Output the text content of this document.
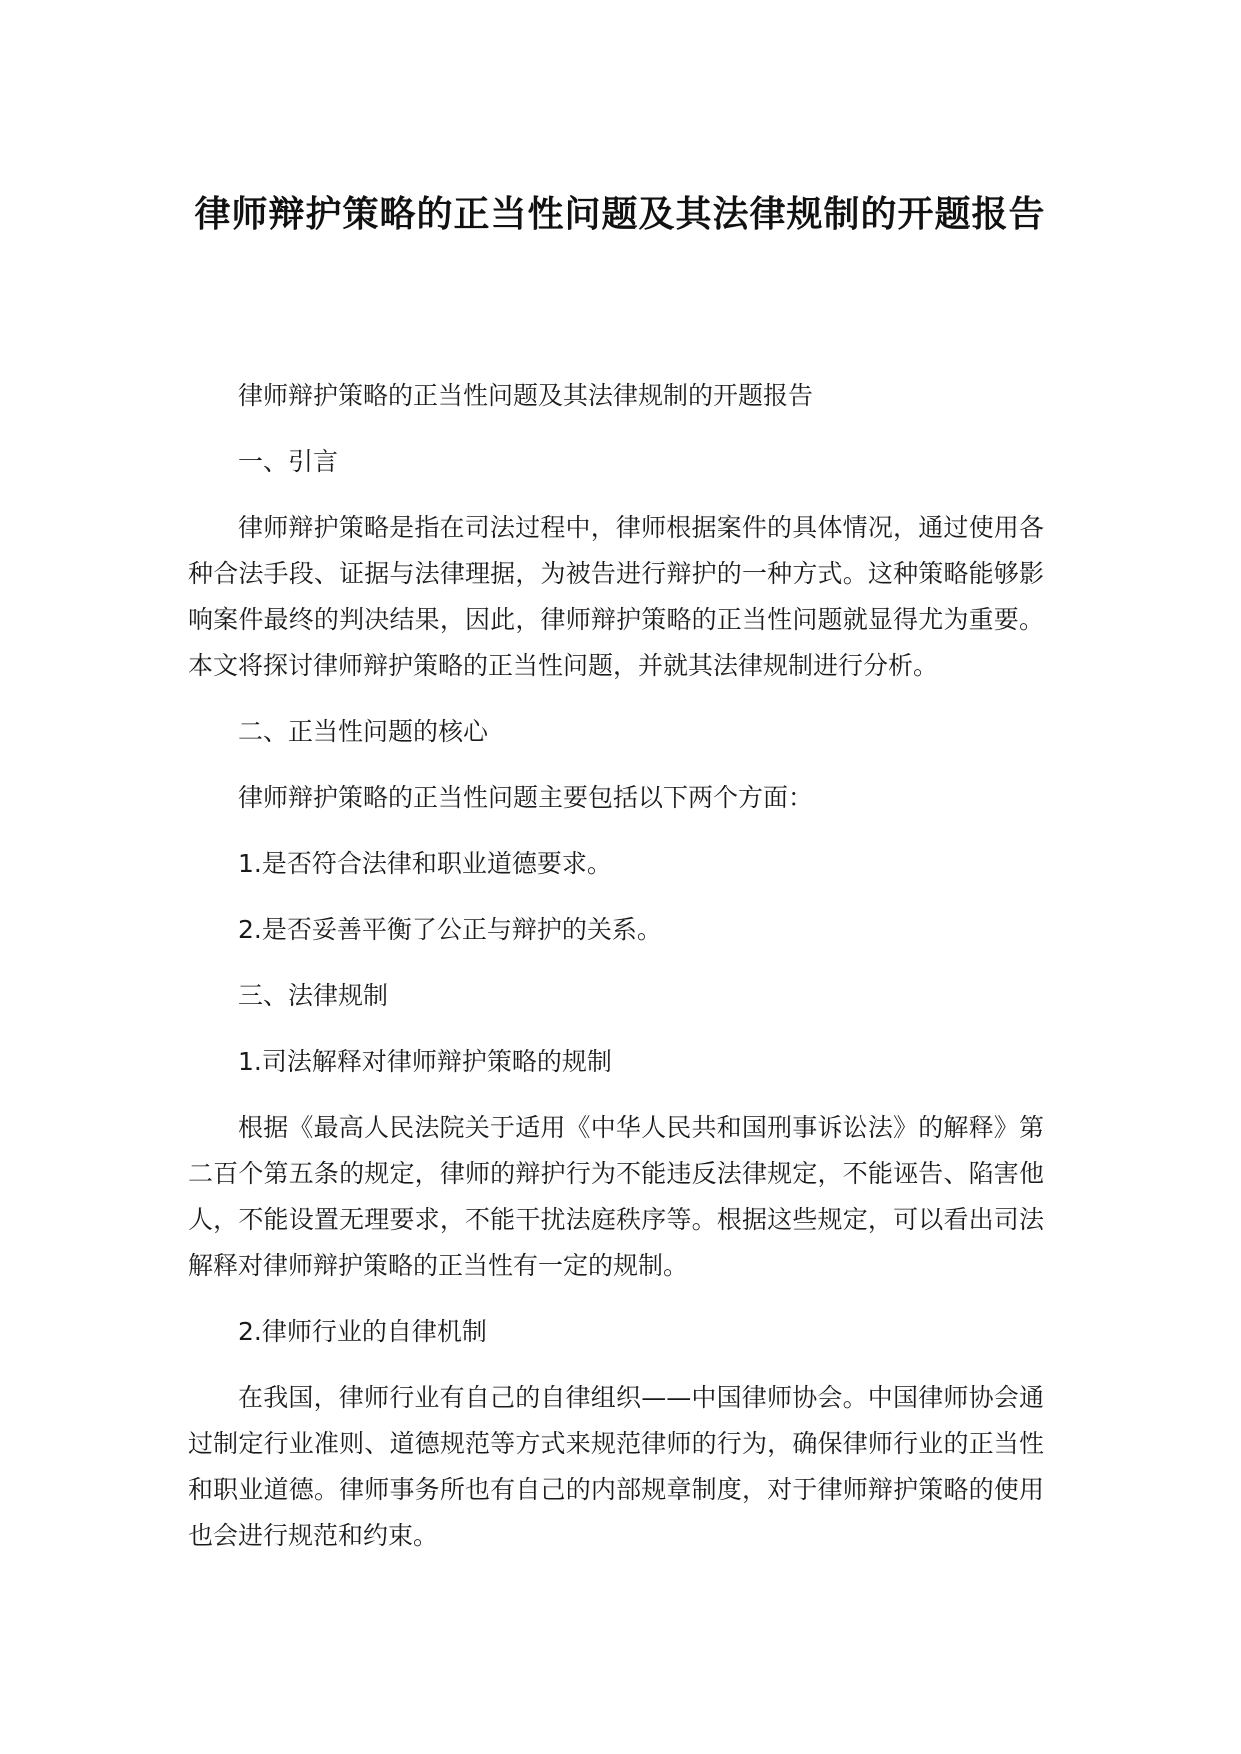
律师辩护策略的正当性问题及其法律规制的开题报告

律师辩护策略的正当性问题及其法律规制的开题报告

一、引言

律师辩护策略是指在司法过程中，律师根据案件的具体情况，通过使用各种合法手段、证据与法律理据，为被告进行辩护的一种方式。这种策略能够影响案件最终的判决结果，因此，律师辩护策略的正当性问题就显得尤为重要。本文将探讨律师辩护策略的正当性问题，并就其法律规制进行分析。

二、正当性问题的核心

律师辩护策略的正当性问题主要包括以下两个方面：

1.是否符合法律和职业道德要求。

2.是否妥善平衡了公正与辩护的关系。

三、法律规制

1.司法解释对律师辩护策略的规制

根据《最高人民法院关于适用《中华人民共和国刑事诉讼法》的解释》第二百个第五条的规定，律师的辩护行为不能违反法律规定，不能诬告、陷害他人，不能设置无理要求，不能干扰法庭秩序等。根据这些规定，可以看出司法解释对律师辩护策略的正当性有一定的规制。

2.律师行业的自律机制

在我国，律师行业有自己的自律组织——中国律师协会。中国律师协会通过制定行业准则、道德规范等方式来规范律师的行为，确保律师行业的正当性和职业道德。律师事务所也有自己的内部规章制度，对于律师辩护策略的使用也会进行规范和约束。
